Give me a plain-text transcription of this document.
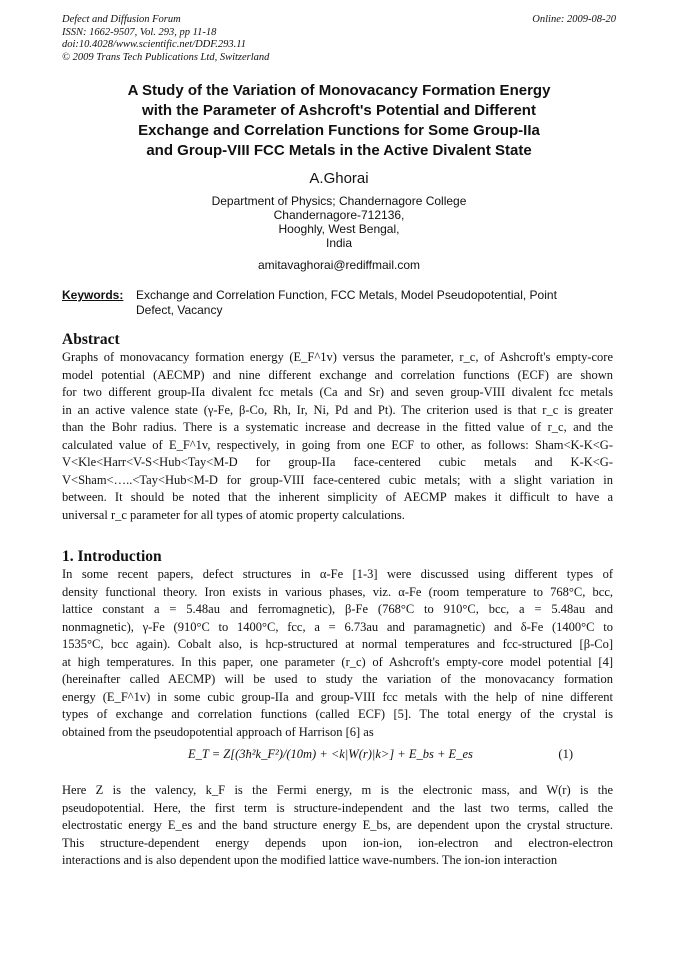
Defect and Diffusion Forum
ISSN: 1662-9507, Vol. 293, pp 11-18
doi:10.4028/www.scientific.net/DDF.293.11
© 2009 Trans Tech Publications Ltd, Switzerland
Online: 2009-08-20
A Study of the Variation of Monovacancy Formation Energy
with the Parameter of Ashcroft's Potential and Different
Exchange and Correlation Functions for Some Group-IIa
and Group-VIII FCC Metals in the Active Divalent State
A.Ghorai
Department of Physics; Chandernagore College
Chandernagore-712136,
Hooghly, West Bengal,
India
amitavaghorai@rediffmail.com
Keywords: Exchange and Correlation Function, FCC Metals, Model Pseudopotential, Point
Defect, Vacancy
Abstract
Graphs of monovacancy formation energy (E_F^1v) versus the parameter, r_c, of Ashcroft's empty-core
model potential (AECMP) and nine different exchange and correlation functions (ECF) are shown
for two different group-IIa divalent fcc metals (Ca and Sr) and seven group-VIII divalent fcc metals
in an active valence state (γ-Fe, β-Co, Rh, Ir, Ni, Pd and Pt). The criterion used is that r_c is greater
than the Bohr radius. There is a systematic increase and decrease in the fitted value of r_c, and the
calculated value of E_F^1v, respectively, in going from one ECF to other, as follows: Sham<K-K<G-
V<Kle<Harr<V-S<Hub<Tay<M-D for group-IIa face-centered cubic metals and K-K<G-
V<Sham<…..<Tay<Hub<M-D for group-VIII face-centered cubic metals; with a slight variation in
between. It should be noted that the inherent simplicity of AECMP makes it difficult to have a
universal r_c parameter for all types of atomic property calculations.
1. Introduction
In some recent papers, defect structures in α-Fe [1-3] were discussed using different types of
density functional theory. Iron exists in various phases, viz. α-Fe (room temperature to 768°C, bcc,
lattice constant a = 5.48au and ferromagnetic), β-Fe (768°C to 910°C, bcc, a = 5.48au and
nonmagnetic), γ-Fe (910°C to 1400°C, fcc, a = 6.73au and paramagnetic) and δ-Fe (1400°C to
1535°C, bcc again). Cobalt also, is hcp-structured at normal temperatures and fcc-structured [β-Co]
at high temperatures. In this paper, one parameter (r_c) of Ashcroft's empty-core model potential [4]
(hereinafter called AECMP) will be used to study the variation of the monovacancy formation
energy (E_F^1v) in some cubic group-IIa and group-VIII fcc metals with the help of nine different
types of exchange and correlation functions (called ECF) [5]. The total energy of the crystal is
obtained from the pseudopotential approach of Harrison [6] as
E_T = Z[(3ħ²k_F²)/(10m) + <k|W(r)|k>] + E_bs + E_es	(1)
Here Z is the valency, k_F is the Fermi energy, m is the electronic mass, and W(r) is the
pseudopotential. Here, the first term is structure-independent and the last two terms, called the
electrostatic energy E_es and the band structure energy E_bs, are dependent upon the crystal structure.
This structure-dependent energy depends upon ion-ion, ion-electron and electron-electron
interactions and is also dependent upon the modified lattice wave-numbers. The ion-ion interaction
